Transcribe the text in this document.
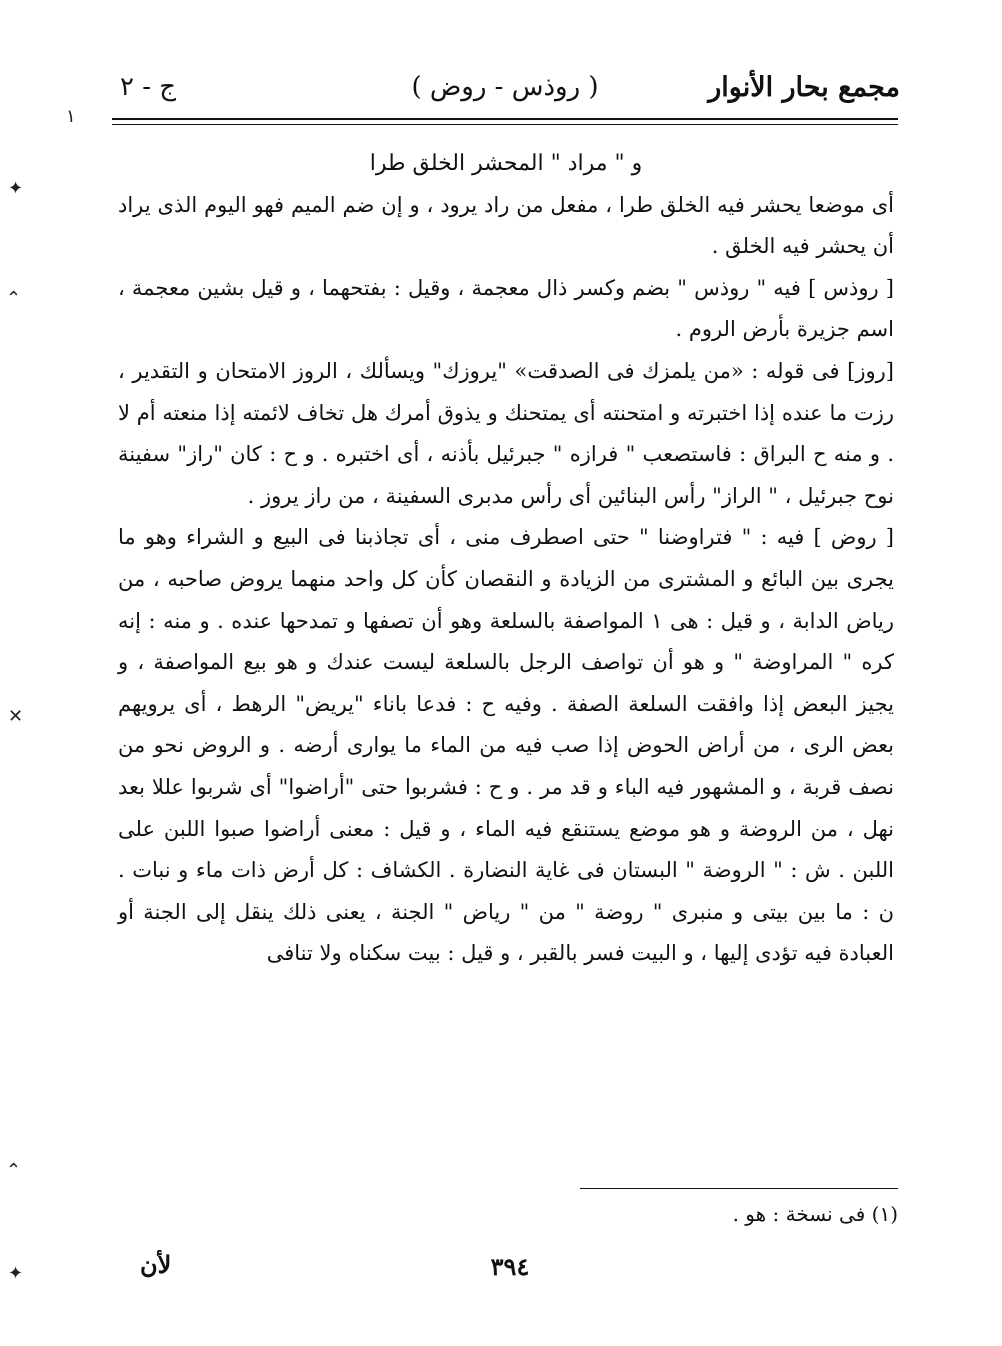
مجمع بحار الأنوار
( روذس - روض )
ج - ٢
١
✦
⌃
✕
⌃
✦

و " مراد " المحشر الخلق طرا

أى موضعا يحشر فيه الخلق طرا ، مفعل من راد يرود ، و إن ضم الميم فهو اليوم الذى يراد أن يحشر فيه الخلق .

[ روذس ] فيه " روذس " بضم وكسر ذال معجمة ، وقيل : بفتحهما ، و قيل بشين معجمة ، اسم جزيرة بأرض الروم .

[روز] فى قوله : «من يلمزك فى الصدقت» "يروزك" ويسألك ، الروز الامتحان و التقدير ، رزت ما عنده إذا اختبرته و امتحنته أى يمتحنك و يذوق أمرك هل تخاف لائمته إذا منعته أم لا . و منه ح البراق : فاستصعب " فرازه " جبرئيل بأذنه ، أى اختبره . و ح : كان "راز" سفينة نوح جبرئيل ، " الراز" رأس البنائين أى رأس مدبرى السفينة ، من راز يروز .

[ روض ] فيه : " فتراوضنا " حتى اصطرف منى ، أى تجاذبنا فى البيع و الشراء وهو ما يجرى بين البائع و المشترى من الزيادة و النقصان كأن كل واحد منهما يروض صاحبه ، من رياض الدابة ، و قيل : هى ١ المواصفة بالسلعة وهو أن تصفها و تمدحها عنده . و منه : إنه كره " المراوضة " و هو أن تواصف الرجل بالسلعة ليست عندك و هو بيع المواصفة ، و يجيز البعض إذا وافقت السلعة الصفة . وفيه ح : فدعا باناء "يريض" الرهط ، أى يرويهم بعض الرى ، من أراض الحوض إذا صب فيه من الماء ما يوارى أرضه . و الروض نحو من نصف قربة ، و المشهور فيه الباء و قد مر . و ح : فشربوا حتى "أراضوا" أى شربوا عللا بعد نهل ، من الروضة و هو موضع يستنقع فيه الماء ، و قيل : معنى أراضوا صبوا اللبن على اللبن . ش : " الروضة " البستان فى غاية النضارة . الكشاف : كل أرض ذات ماء و نبات . ن : ما بين بيتى و منبرى " روضة " من " رياض " الجنة ، يعنى ذلك ينقل إلى الجنة أو العبادة فيه تؤدى إليها ، و البيت فسر بالقبر ، و قيل : بيت سكناه ولا تنافى

(١) فى نسخة : هو .
لأن	٣٩٤
